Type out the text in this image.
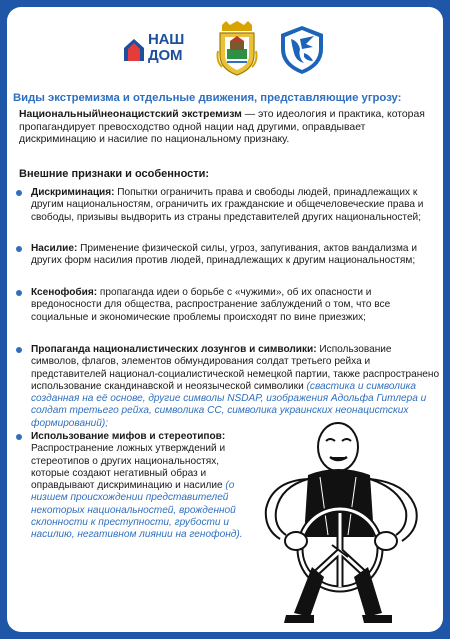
НАШ
ДОМ
Виды экстремизма и отдельные движения, представляющие угрозу:
Национальный\неонацистский экстремизм — это идеология и практика, которая пропагандирует превосходство одной нации над другими, оправдывает дискриминацию и насилие по национальному признаку.
Внешние признаки и особенности:
Дискриминация: Попытки ограничить права и свободы людей, принадлежащих к другим национальностям, ограничить их гражданские и общечеловеческие права и свободы, призывы выдворить из страны представителей других национальностей;
Насилие: Применение физической силы, угроз, запугивания, актов вандализма и других форм насилия против людей, принадлежащих к другим национальностям;
Ксенофобия: пропаганда идеи о борьбе с «чужими», об их опасности и вредоносности для общества, распространение заблуждений о том, что все социальные и экономические проблемы происходят по вине приезжих;
Пропаганда националистических лозунгов и символики: Использование символов, флагов, элементов обмундирования солдат третьего рейха и представителей национал-социалистической немецкой партии, также распространено использование скандинавской и неоязыческой символики (свастика и символика созданная на её основе, другие символы NSDAP, изображения Адольфа Гитлера и солдат третьего рейха, символика СС, символика украинских неонацистских формирований);
Использование мифов и стереотипов: Распространение ложных утверждений и стереотипов о других национальностях, которые создают негативный образ и оправдывают дискриминацию и насилие (о низшем происхождении представителей некоторых национальностей, врожденной склонности к преступности, грубости и насилию, негативном лиянии на генофонд).
